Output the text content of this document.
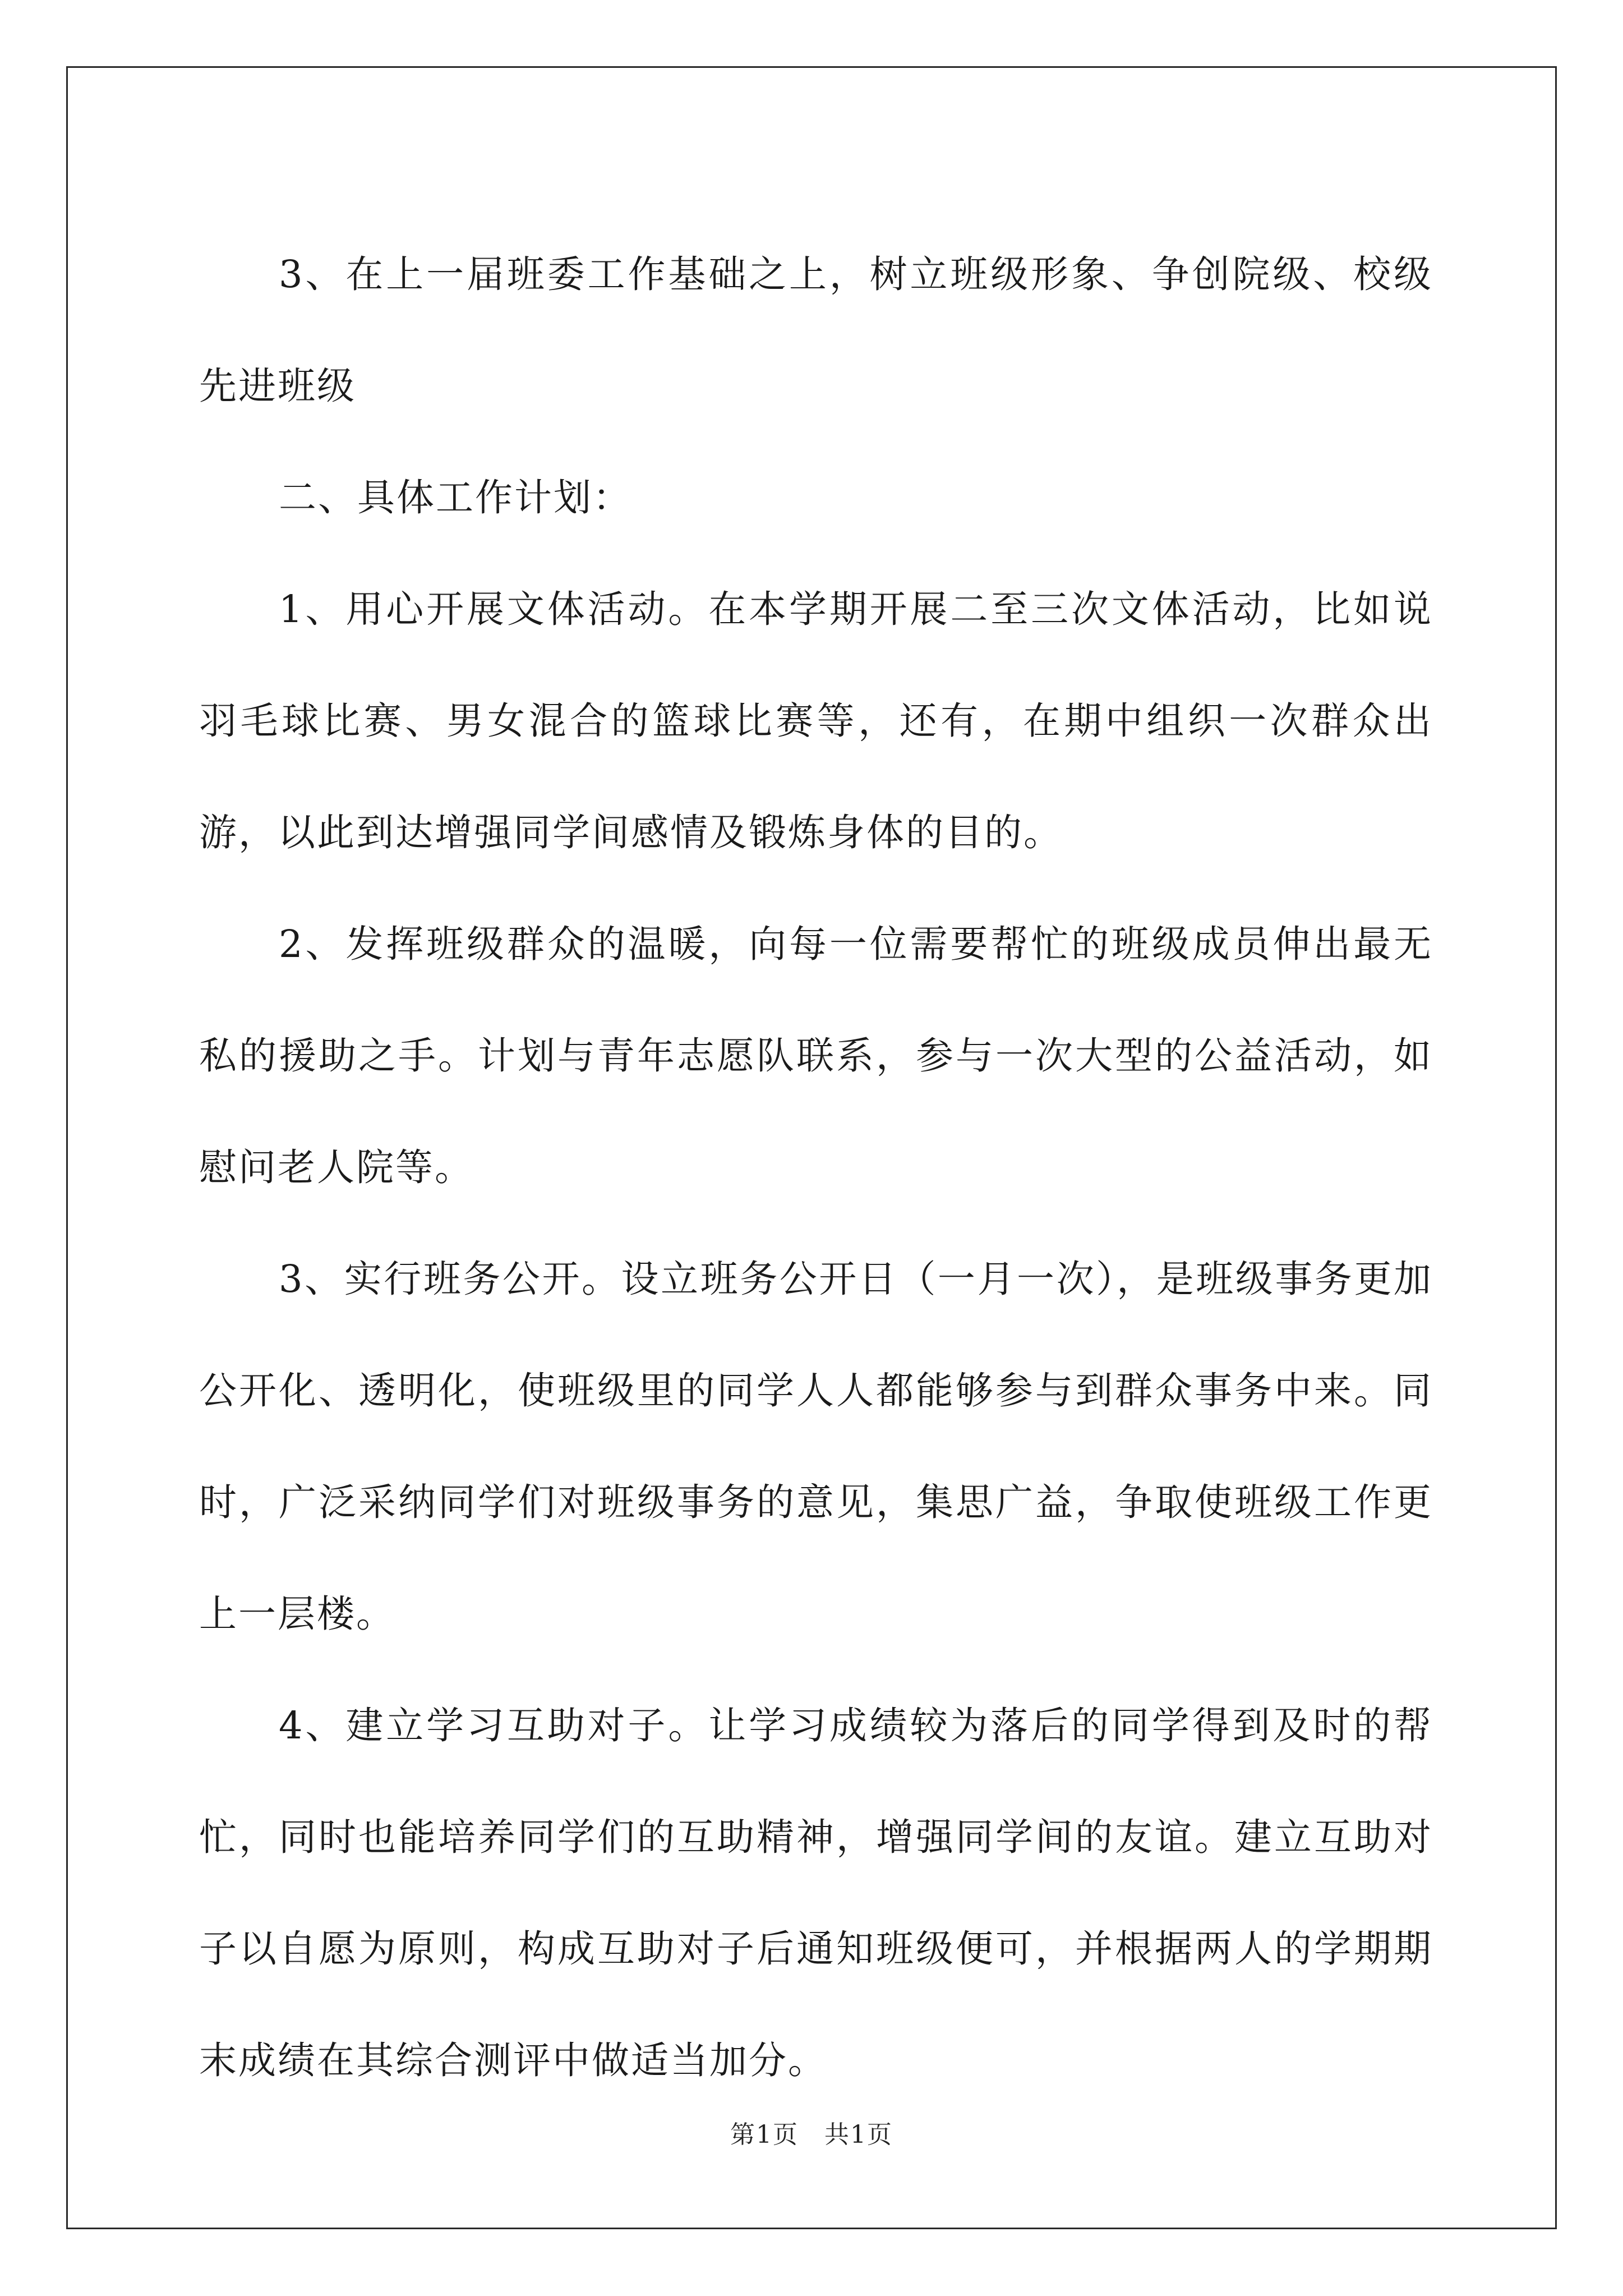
3、在上一届班委工作基础之上，树立班级形象、争创院级、校级先进班级

二、具体工作计划：

1、用心开展文体活动。在本学期开展二至三次文体活动，比如说羽毛球比赛、男女混合的篮球比赛等，还有，在期中组织一次群众出游，以此到达增强同学间感情及锻炼身体的目的。

2、发挥班级群众的温暖，向每一位需要帮忙的班级成员伸出最无私的援助之手。计划与青年志愿队联系，参与一次大型的公益活动，如慰问老人院等。

3、实行班务公开。设立班务公开日（一月一次），是班级事务更加公开化、透明化，使班级里的同学人人都能够参与到群众事务中来。同时，广泛采纳同学们对班级事务的意见，集思广益，争取使班级工作更上一层楼。

4、建立学习互助对子。让学习成绩较为落后的同学得到及时的帮忙，同时也能培养同学们的互助精神，增强同学间的友谊。建立互助对子以自愿为原则，构成互助对子后通知班级便可，并根据两人的学期期末成绩在其综合测评中做适当加分。

第1页　共1页
